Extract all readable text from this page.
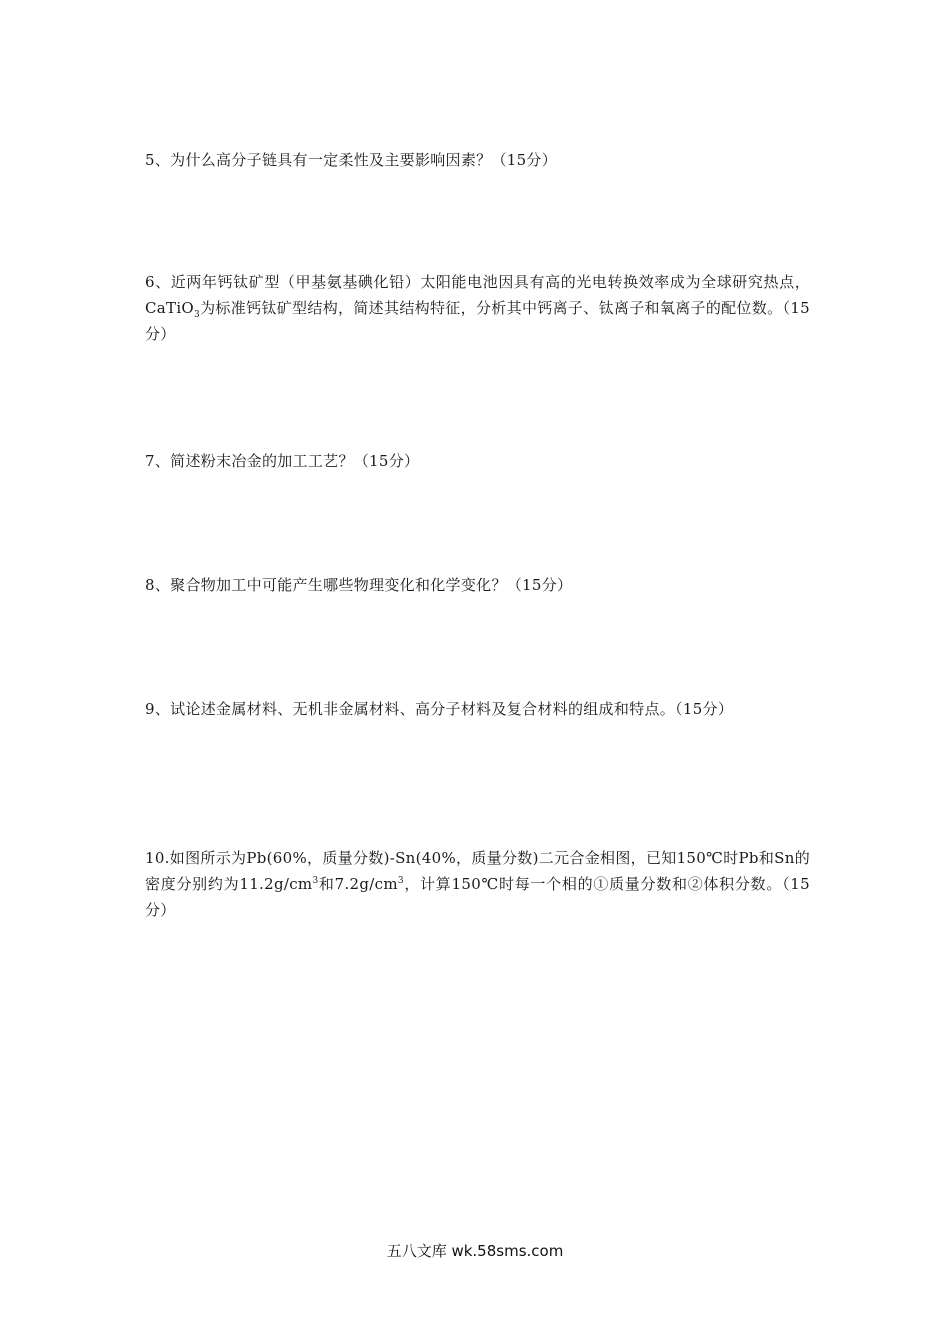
5、为什么高分子链具有一定柔性及主要影响因素？（15分）

6、近两年钙钛矿型（甲基氨基碘化铅）太阳能电池因具有高的光电转换效率成为全球研究热点，CaTiO$_3$为标准钙钛矿型结构，简述其结构特征，分析其中钙离子、钛离子和氧离子的配位数。（15分）

7、简述粉末冶金的加工工艺？（15分）

8、聚合物加工中可能产生哪些物理变化和化学变化？（15分）

9、试论述金属材料、无机非金属材料、高分子材料及复合材料的组成和特点。（15分）

10.如图所示为Pb(60%，质量分数)-Sn(40%，质量分数)二元合金相图，已知150℃时Pb和Sn的密度分别约为$11.2g/cm^3$和$7.2g/cm^3$，计算150℃时每一个相的①质量分数和②体积分数。（15分）

五八文库 wk.58sms.com
